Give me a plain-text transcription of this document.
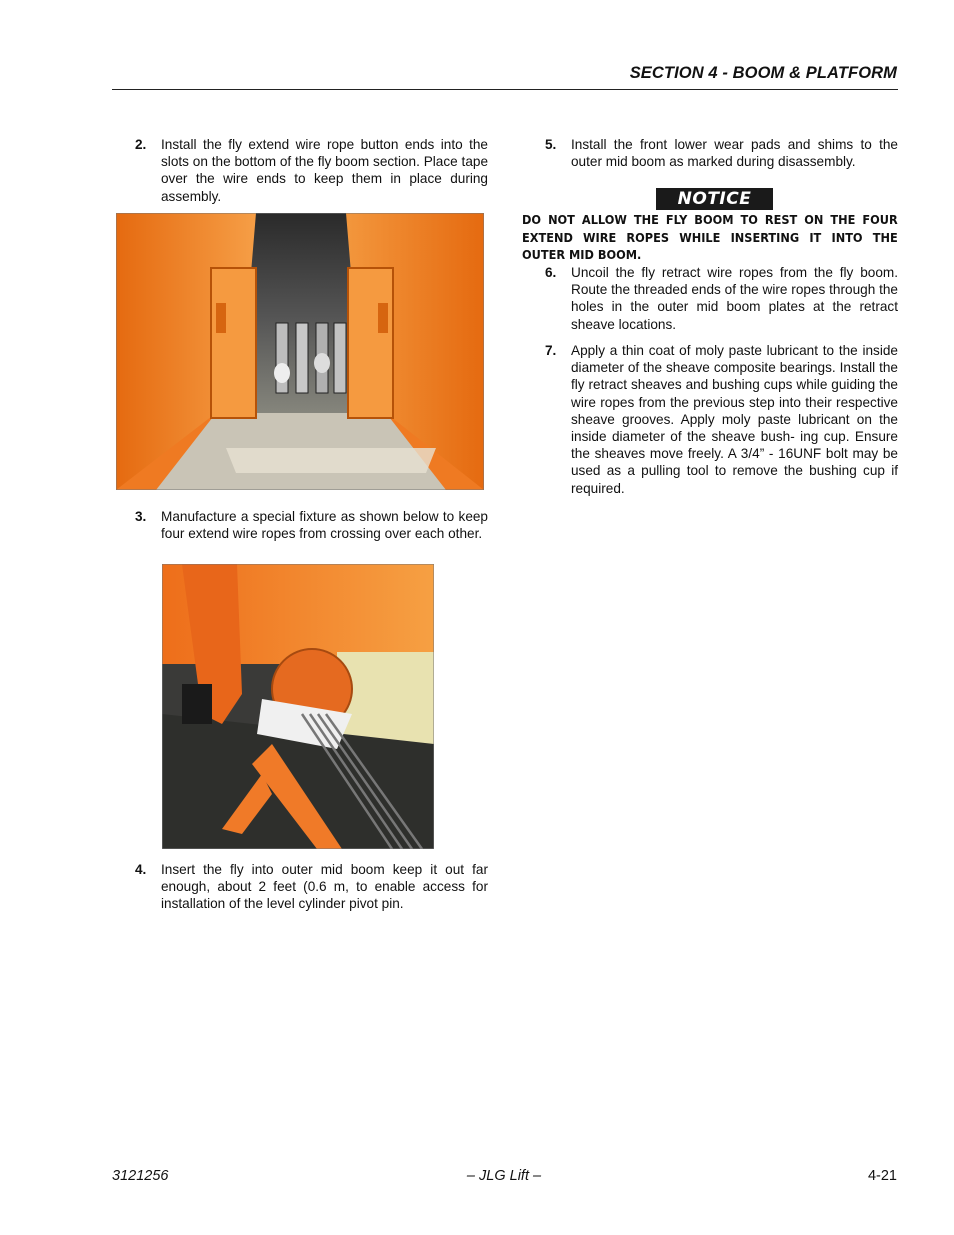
SECTION 4 - BOOM & PLATFORM
2. Install the fly extend wire rope button ends into the slots on the bottom of the fly boom section. Place tape over the wire ends to keep them in place during assembly.
3. Manufacture a special fixture as shown below to keep four extend wire ropes from crossing over each other.
4. Insert the fly into outer mid boom keep it out far enough, about 2 feet (0.6 m, to enable access for installation of the level cylinder pivot pin.
5. Install the front lower wear pads and shims to the outer mid boom as marked during disassembly.
NOTICE
DO NOT ALLOW THE FLY BOOM TO REST ON THE FOUR EXTEND WIRE ROPES WHILE INSERTING IT INTO THE OUTER MID BOOM.
6. Uncoil the fly retract wire ropes from the fly boom. Route the threaded ends of the wire ropes through the holes in the outer mid boom plates at the retract sheave locations.
7. Apply a thin coat of moly paste lubricant to the inside diameter of the sheave composite bearings. Install the fly retract sheaves and bushing cups while guiding the wire ropes from the previous step into their respective sheave grooves. Apply moly paste lubricant on the inside diameter of the sheave bush- ing cup. Ensure the sheaves move freely. A 3/4” - 16UNF bolt may be used as a pulling tool to remove the bushing cup if required.
3121256	– JLG Lift –	4-21
